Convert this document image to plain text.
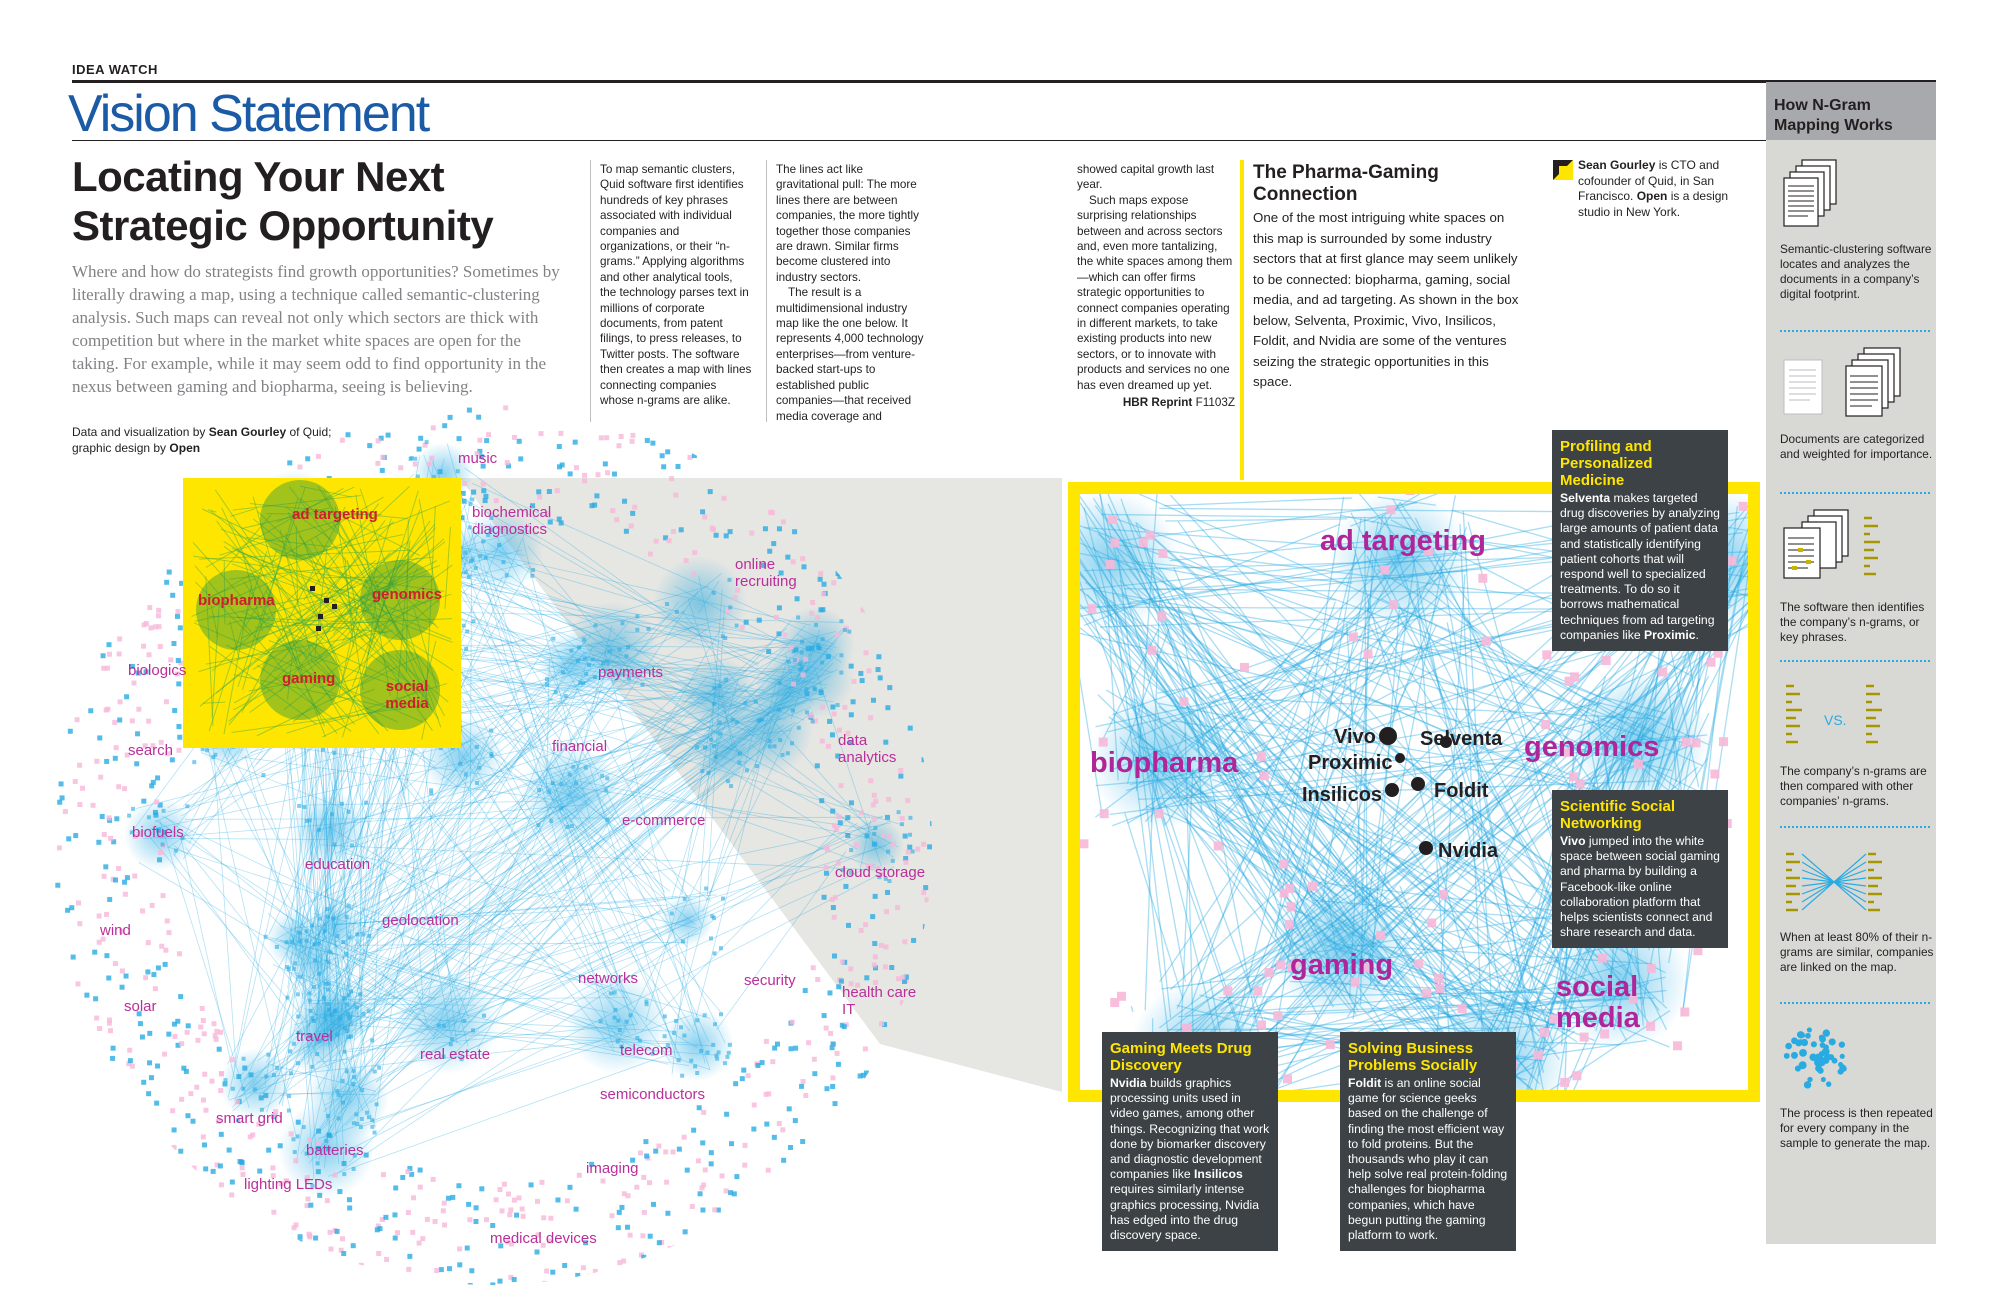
IDEA WATCH
Vision Statement
Locating Your Next Strategic Opportunity
Where and how do strategists find growth opportunities? Sometimes by literally drawing a map, using a technique called semantic-clustering analysis. Such maps can reveal not only which sectors are thick with competition but where in the market white spaces are open for the taking. For example, while it may seem odd to find opportunity in the nexus between gaming and biopharma, seeing is believing.
Data and visualization by Sean Gourley of Quid;
graphic design by Open

To map semantic clusters, Quid software first identifies hundreds of key phrases associated with individual companies and organizations, or their “n-grams.” Applying algorithms and other analytical tools, the technology parses text in millions of corporate documents, from patent filings, to press releases, to Twitter posts. The software then creates a map with lines connecting companies whose n-grams are alike.

The lines act like gravitational pull: The more lines there are between companies, the more tightly together those companies are drawn. Similar firms become clustered into industry sectors.

The result is a multidimensional industry map like the one below. It represents 4,000 technology enterprises—from venture-backed start-ups to established public companies—that received media coverage and

showed capital growth last year.

Such maps expose surprising relationships between and across sectors and, even more tantalizing, the white spaces among them—which can offer firms strategic opportunities to connect companies operating in different markets, to take existing products into new sectors, or to innovate with products and services no one has even dreamed up yet.

HBR Reprint F1103Z
The Pharma-Gaming Connection
One of the most intriguing white spaces on this map is surrounded by some industry sectors that at first glance may seem unlikely to be connected: biopharma, gaming, social media, and ad targeting. As shown in the box below, Selventa, Proximic, Vivo, Insilicos, Foldit, and Nvidia are some of the ventures seizing the strategic opportunities in this space.
Sean Gourley is CTO and cofounder of Quid, in San Francisco. Open is a design studio in New York.
music
biochemical diagnostics
online recruiting
biologics	payments
search	financial	data analytics
biofuels
e-commerce
education	cloud storage
geolocation
wind
networks	security
health care IT
solar
travel
real estate	telecom
semiconductors
smart grid
batteries
imaging
lighting LEDs
medical devices
ad targeting
biopharma	genomics
gaming	social media
ad targeting
biopharma	genomics
gaming
social media
Vivo Selventa
Proximic
Insilicos	Foldit
Nvidia
Profiling and Personalized Medicine
Selventa makes targeted drug discoveries by analyzing large amounts of patient data and statistically identifying patient cohorts that will respond well to specialized treatments. To do so it borrows mathematical techniques from ad targeting companies like Proximic.
Scientific Social Networking
Vivo jumped into the white space between social gaming and pharma by building a Facebook-like online collaboration platform that helps scientists connect and share research and data.
Gaming Meets Drug Discovery
Nvidia builds graphics processing units used in video games, among other things. Recognizing that work done by biomarker discovery and diagnostic development companies like Insilicos requires similarly intense graphics processing, Nvidia has edged into the drug discovery space.
Solving Business Problems Socially
Foldit is an online social game for science geeks based on the challenge of finding the most efficient way to fold proteins. But the thousands who play it can help solve real protein-folding challenges for biopharma companies, which have begun putting the gaming platform to work.
How N-Gram Mapping Works
Semantic-clustering software locates and analyzes the documents in a company’s digital footprint.
Documents are categorized and weighted for importance.
The software then identifies the company’s n-grams, or key phrases.
VS.
The company’s n-grams are then compared with other companies’ n-grams.
When at least 80% of their n-grams are similar, companies are linked on the map.
The process is then repeated for every company in the sample to generate the map.
